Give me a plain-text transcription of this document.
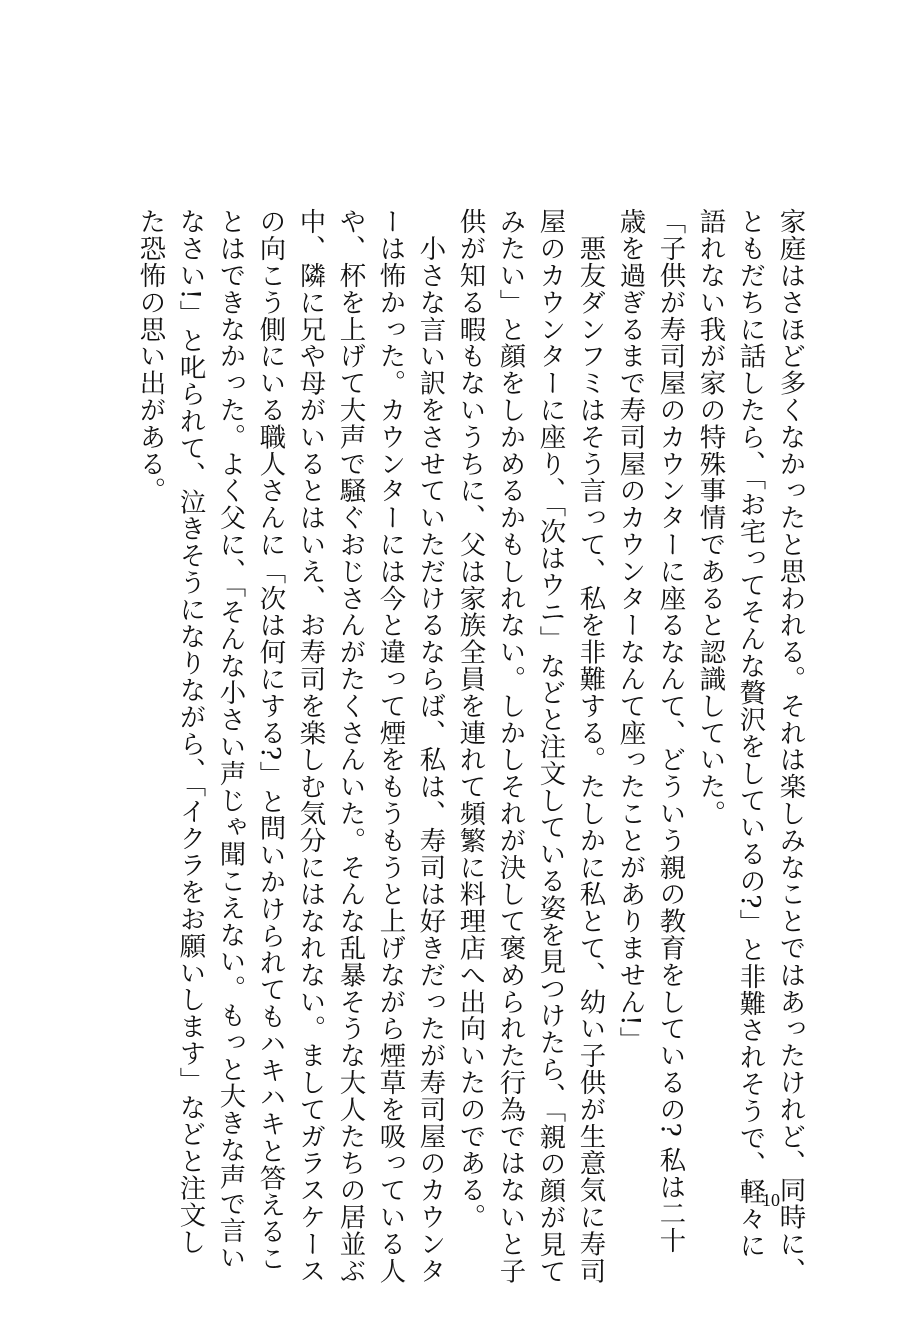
家庭はさほど多くなかったと思われる。それは楽しみなことではあったけれど、同時に、
ともだちに話したら、「お宅ってそんな贅沢をしているの?」と非難されそうで、軽々に
語れない我が家の特殊事情であると認識していた。
「子供が寿司屋のカウンターに座るなんて、どういう親の教育をしているの? 私は二十
歳を過ぎるまで寿司屋のカウンターなんて座ったことがありません!」
　悪友ダンフミはそう言って、私を非難する。たしかに私とて、幼い子供が生意気に寿司
屋のカウンターに座り、「次はウニ」などと注文している姿を見つけたら、「親の顔が見て
みたい」と顔をしかめるかもしれない。しかしそれが決して褒められた行為ではないと子
供が知る暇もないうちに、父は家族全員を連れて頻繁に料理店へ出向いたのである。
　小さな言い訳をさせていただけるならば、私は、寿司は好きだったが寿司屋のカウンタ
ーは怖かった。カウンターには今と違って煙をもうもうと上げながら煙草を吸っている人
や、杯を上げて大声で騒ぐおじさんがたくさんいた。そんな乱暴そうな大人たちの居並ぶ
中、隣に兄や母がいるとはいえ、お寿司を楽しむ気分にはなれない。ましてガラスケース
の向こう側にいる職人さんに「次は何にする?」と問いかけられてもハキハキと答えるこ
とはできなかった。よく父に、「そんな小さい声じゃ聞こえない。もっと大きな声で言い
なさい!」と叱られて、泣きそうになりながら、「イクラをお願いします」などと注文し
た恐怖の思い出がある。
10
